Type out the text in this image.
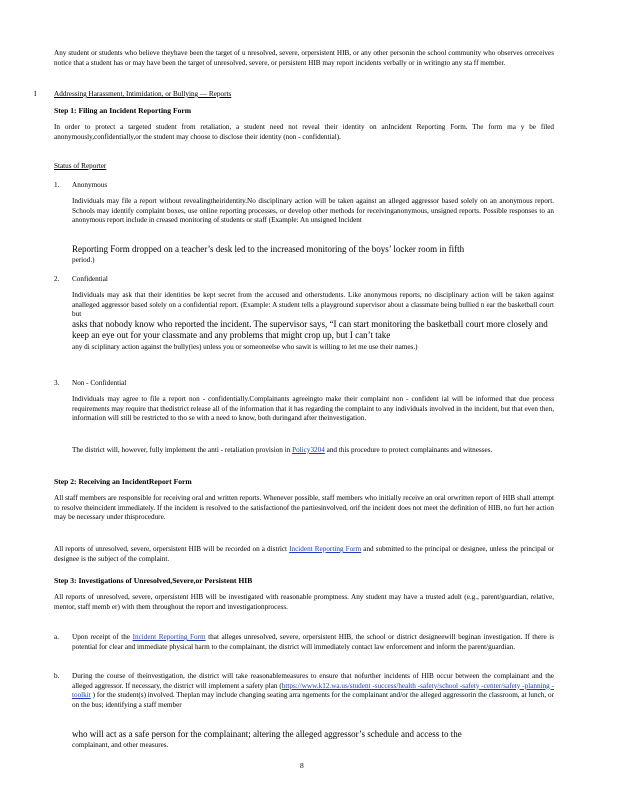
Any student or students who believe theyhave been the target of u nresolved, severe, orpersistent HIB, or any other personin the school community who observes orreceives notice that a student has or may have been the target of unresolved, severe, or persistent HIB may report incidents verbally or in writingto any sta ff member.

I Addressing Harassment, Intimidation, or Bullying — Reports

Step 1: Filing an Incident Reporting Form

In order to protect a targeted student from retaliation, a student need not reveal their identity on anIncident Reporting Form. The form ma y be filed anonymously,confidentially,or the student may choose to disclose their identity (non - confidential).

Status of Reporter

1. Anonymous

Individuals may file a report without revealingtheiridentity.No disciplinary action will be taken against an alleged aggressor based solely on an anonymous report. Schools may identify complaint boxes, use online reporting processes, or develop other methods for receivinganonymous, unsigned reports. Possible responses to an anonymous report include in creased monitoring of students or staff (Example: An unsigned Incident

Reporting Form dropped on a teacher’s desk led to the increased monitoring of the boys’ locker room in fifth

period.)

2. Confidential

Individuals may ask that their identities be kept secret from the accused and otherstudents. Like anonymous reports, no disciplinary action will be taken against analleged aggressor based solely on a confidential report. (Example: A student tells a playground supervisor about a classmate being bullied n ear the basketball court but

asks that nobody know who reported the incident. The supervisor says, “I can start monitoring the basketball court more closely and keep an eye out for your classmate and any problems that might crop up, but I can’t take

any di sciplinary action against the bully(ies) unless you or someoneelse who sawit is willing to let me use their names.)

3. Non - Confidential

Individuals may agree to file a report non - confidentially.Complainants agreeingto make their complaint non - confident ial will be informed that due process requirements may require that thedistrict release all of the information that it has regarding the complaint to any individuals involved in the incident, but that even then, information will still be restricted to tho se with a need to know, both duringand after theinvestigation.

The district will, however, fully implement the anti - retaliation provision in Policy3204 and this procedure to protect complainants and witnesses.

Step 2: Receiving an IncidentReport Form

All staff members are responsible for receiving oral and written reports. Whenever possible, staff members who initially receive an oral orwritten report of HIB shall attempt to resolve theincident immediately. If the incident is resolved to the satisfactionof the partiesinvolved, orif the incident does not meet the definition of HIB, no furt her action may be necessary under thisprocedure.

All reports of unresolved, severe, orpersistent HIB will be recorded on a district Incident Reporting Form and submitted to the principal or designee, unless the principal or designee is the subject of the complaint.

Step 3: Investigations of Unresolved,Severe,or Persistent HIB

All reports of unresolved, severe, orpersistent HIB will be investigated with reasonable promptness. Any student may have a trusted adult (e.g., parent/guardian, relative, mentor, staff memb er) with them throughout the report and investigationprocess.

a. Upon receipt of the Incident Reporting Form that alleges unresolved, severe, orpersistent HIB, the school or district designeewill beginan investigation. If there is potential for clear and immediate physical harm to the complainant, the district will immediately contact law enforcement and inform the parent/guardian.

b. During the course of theinvestigation, the district will take reasonablemeasures to ensure that nofurther incidents of HIB occur between the complainant and the alleged aggressor. If necessary, the district will implement a safety plan (https://www.k12.wa.us/student -success/health -safety/school -safety -center/safety -planning -toolkit ) for the student(s) involved. Theplan may include changing seating arra ngements for the complainant and/or the alleged aggressorin the classroom, at lunch, or on the bus; identifying a staff member

who will act as a safe person for the complainant; altering the alleged aggressor’s schedule and access to the

complainant, and other measures.

8
